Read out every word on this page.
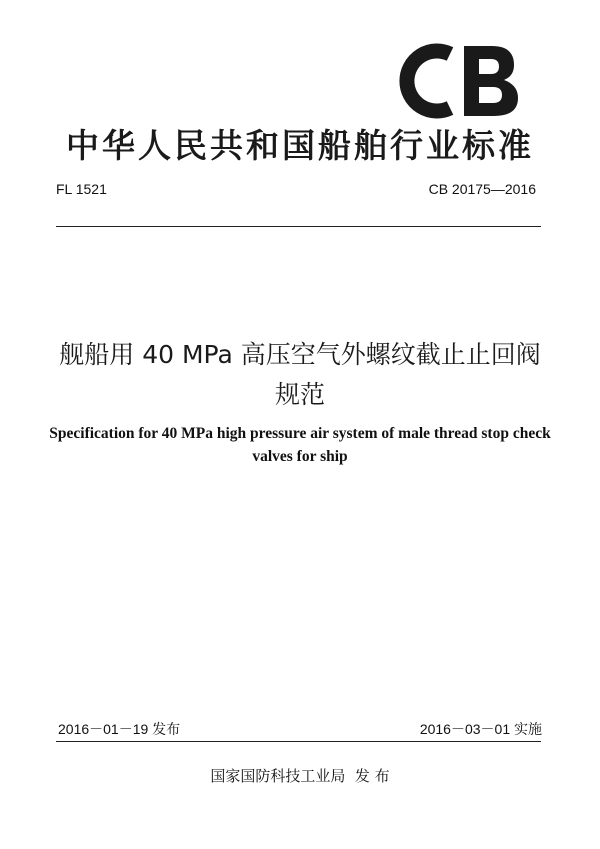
中华人民共和国船舶行业标准
FL 1521	CB 20175—2016
舰船用 40 MPa 高压空气外螺纹截止止回阀
规范
Specification for 40 MPa high pressure air system of male thread stop check
valves for ship
2016－01－19 发布	2016－03－01 实施
国家国防科技工业局  发 布
